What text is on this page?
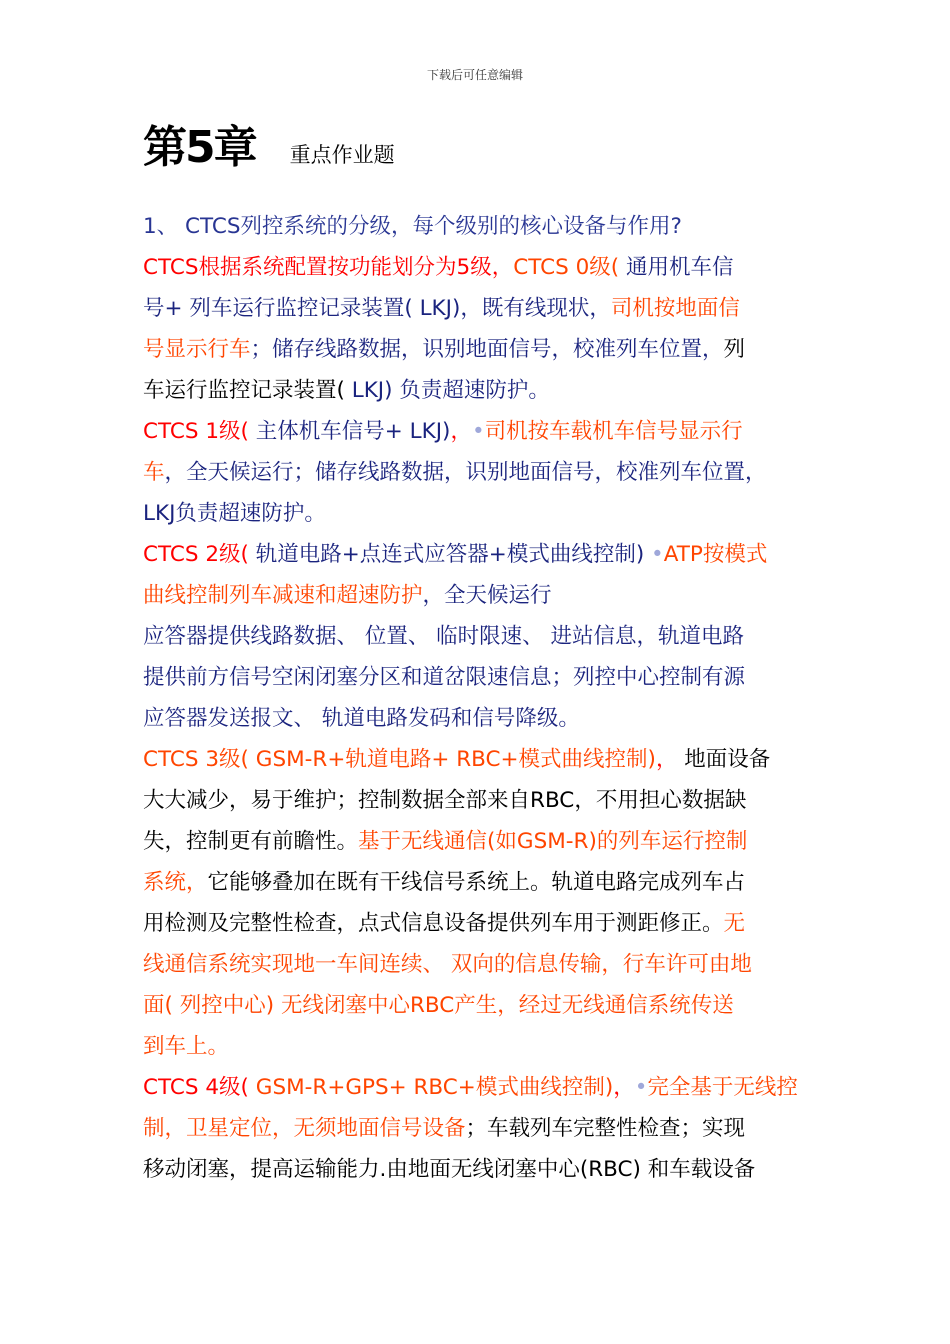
下载后可任意编辑
第5章 重点作业题
1、 CTCS列控系统的分级，每个级别的核心设备与作用?
CTCS根据系统配置按功能划分为5级，CTCS 0级( 通用机车信
号+ 列车运行监控记录装置( LKJ)，既有线现状，司机按地面信
号显示行车；储存线路数据，识别地面信号，校准列车位置，列
车运行监控记录装置( LKJ) 负责超速防护。
CTCS 1级( 主体机车信号+ LKJ)，•司机按车载机车信号显示行
车，全天候运行；储存线路数据，识别地面信号，校准列车位置，
LKJ负责超速防护。
CTCS 2级( 轨道电路+点连式应答器+模式曲线控制) •ATP按模式
曲线控制列车减速和超速防护，全天候运行
应答器提供线路数据、 位置、 临时限速、 进站信息，轨道电路
提供前方信号空闲闭塞分区和道岔限速信息；列控中心控制有源
应答器发送报文、 轨道电路发码和信号降级。
CTCS 3级( GSM-R+轨道电路+ RBC+模式曲线控制)， 地面设备
大大减少，易于维护；控制数据全部来自RBC，不用担心数据缺
失，控制更有前瞻性。基于无线通信(如GSM-R)的列车运行控制
系统，它能够叠加在既有干线信号系统上。轨道电路完成列车占
用检测及完整性检查，点式信息设备提供列车用于测距修正。无
线通信系统实现地一车间连续、 双向的信息传输，行车许可由地
面( 列控中心) 无线闭塞中心RBC产生，经过无线通信系统传送
到车上。
CTCS 4级( GSM-R+GPS+ RBC+模式曲线控制)，•完全基于无线控
制，卫星定位，无须地面信号设备；车载列车完整性检查；实现
移动闭塞，提高运输能力.由地面无线闭塞中心(RBC) 和车载设备
